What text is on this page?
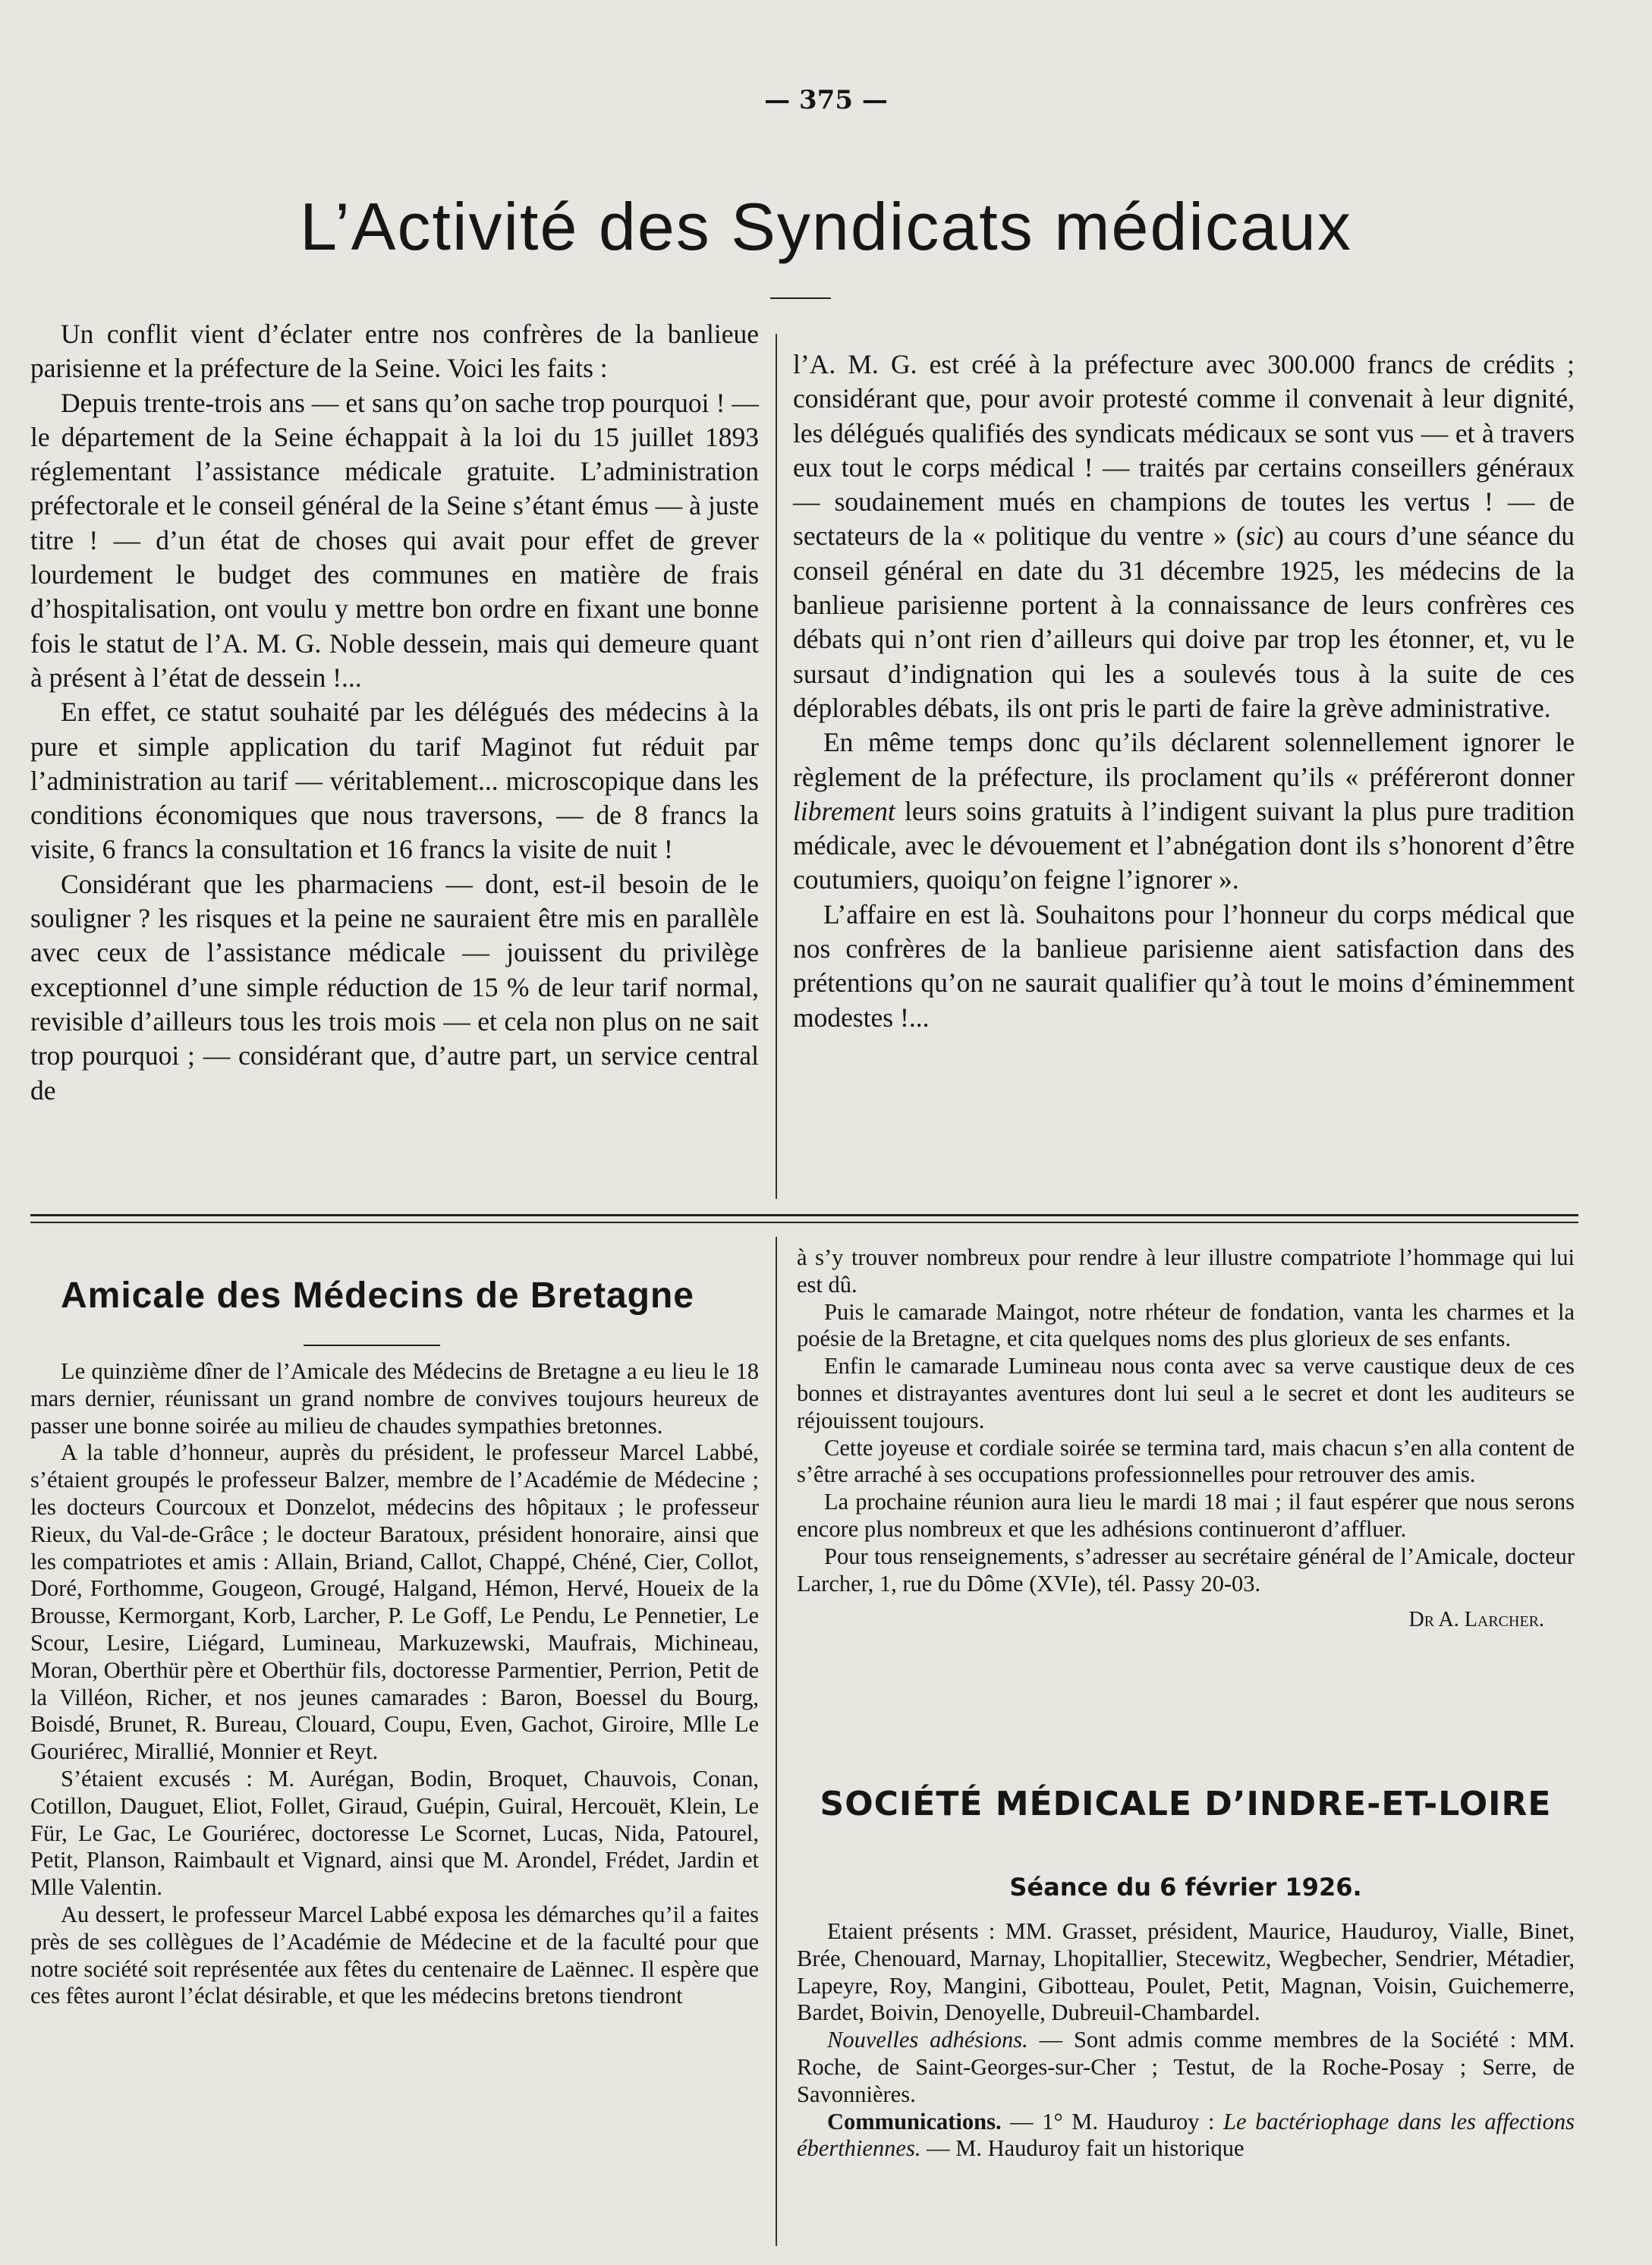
— 375 —
L’Activité des Syndicats médicaux

Un conflit vient d’éclater entre nos confrères de la banlieue parisienne et la préfecture de la Seine. Voici les faits :

Depuis trente-trois ans — et sans qu’on sache trop pourquoi ! — le département de la Seine échappait à la loi du 15 juillet 1893 réglementant l’assistance médicale gratuite. L’administration préfectorale et le conseil général de la Seine s’étant émus — à juste titre ! — d’un état de choses qui avait pour effet de grever lourdement le budget des communes en matière de frais d’hospitalisation, ont voulu y mettre bon ordre en fixant une bonne fois le statut de l’A. M. G. Noble dessein, mais qui demeure quant à présent à l’état de dessein !...

En effet, ce statut souhaité par les délégués des médecins à la pure et simple application du tarif Maginot fut réduit par l’administration au tarif — véritablement... microscopique dans les conditions économiques que nous traversons, — de 8 francs la visite, 6 francs la consultation et 16 francs la visite de nuit !

Considérant que les pharmaciens — dont, est-il besoin de le souligner ? les risques et la peine ne sauraient être mis en parallèle avec ceux de l’assistance médicale — jouissent du privilège exceptionnel d’une simple réduction de 15 % de leur tarif normal, revisible d’ailleurs tous les trois mois — et cela non plus on ne sait trop pourquoi ; — considérant que, d’autre part, un service central de

l’A. M. G. est créé à la préfecture avec 300.000 francs de crédits ; considérant que, pour avoir protesté comme il convenait à leur dignité, les délégués qualifiés des syndicats médicaux se sont vus — et à travers eux tout le corps médical ! — traités par certains conseillers généraux — soudainement mués en champions de toutes les vertus ! — de sectateurs de la « politique du ventre » (sic) au cours d’une séance du conseil général en date du 31 décembre 1925, les médecins de la banlieue parisienne portent à la connaissance de leurs confrères ces débats qui n’ont rien d’ailleurs qui doive par trop les étonner, et, vu le sursaut d’indignation qui les a soulevés tous à la suite de ces déplorables débats, ils ont pris le parti de faire la grève administrative.

En même temps donc qu’ils déclarent solennellement ignorer le règlement de la préfecture, ils proclament qu’ils « préféreront donner librement leurs soins gratuits à l’indigent suivant la plus pure tradition médicale, avec le dévouement et l’abnégation dont ils s’honorent d’être coutumiers, quoiqu’on feigne l’ignorer ».

L’affaire en est là. Souhaitons pour l’honneur du corps médical que nos confrères de la banlieue parisienne aient satisfaction dans des prétentions qu’on ne saurait qualifier qu’à tout le moins d’éminemment modestes !...

Amicale des Médecins de Bretagne

Le quinzième dîner de l’Amicale des Médecins de Bretagne a eu lieu le 18 mars dernier, réunissant un grand nombre de convives toujours heureux de passer une bonne soirée au milieu de chaudes sympathies bretonnes.

A la table d’honneur, auprès du président, le professeur Marcel Labbé, s’étaient groupés le professeur Balzer, membre de l’Académie de Médecine ; les docteurs Courcoux et Donzelot, médecins des hôpitaux ; le professeur Rieux, du Val-de-Grâce ; le docteur Baratoux, président honoraire, ainsi que les compatriotes et amis : Allain, Briand, Callot, Chappé, Chéné, Cier, Collot, Doré, Forthomme, Gougeon, Grougé, Halgand, Hémon, Hervé, Houeix de la Brousse, Kermorgant, Korb, Larcher, P. Le Goff, Le Pendu, Le Pennetier, Le Scour, Lesire, Liégard, Lumineau, Markuzewski, Maufrais, Michineau, Moran, Oberthür père et Oberthür fils, doctoresse Parmentier, Perrion, Petit de la Villéon, Richer, et nos jeunes camarades : Baron, Boessel du Bourg, Boisdé, Brunet, R. Bureau, Clouard, Coupu, Even, Gachot, Giroire, Mlle Le Gouriérec, Mirallié, Monnier et Reyt.

S’étaient excusés : M. Aurégan, Bodin, Broquet, Chauvois, Conan, Cotillon, Dauguet, Eliot, Follet, Giraud, Guépin, Guiral, Hercouët, Klein, Le Für, Le Gac, Le Gouriérec, doctoresse Le Scornet, Lucas, Nida, Patourel, Petit, Planson, Raimbault et Vignard, ainsi que M. Arondel, Frédet, Jardin et Mlle Valentin.

Au dessert, le professeur Marcel Labbé exposa les démarches qu’il a faites près de ses collègues de l’Académie de Médecine et de la faculté pour que notre société soit représentée aux fêtes du centenaire de Laënnec. Il espère que ces fêtes auront l’éclat désirable, et que les médecins bretons tiendront

à s’y trouver nombreux pour rendre à leur illustre compatriote l’hommage qui lui est dû.

Puis le camarade Maingot, notre rhéteur de fondation, vanta les charmes et la poésie de la Bretagne, et cita quelques noms des plus glorieux de ses enfants.

Enfin le camarade Lumineau nous conta avec sa verve caustique deux de ces bonnes et distrayantes aventures dont lui seul a le secret et dont les auditeurs se réjouissent toujours.

Cette joyeuse et cordiale soirée se termina tard, mais chacun s’en alla content de s’être arraché à ses occupations professionnelles pour retrouver des amis.

La prochaine réunion aura lieu le mardi 18 mai ; il faut espérer que nous serons encore plus nombreux et que les adhésions continueront d’affluer.

Pour tous renseignements, s’adresser au secrétaire général de l’Amicale, docteur Larcher, 1, rue du Dôme (XVIe), tél. Passy 20-03.

Dr A. Larcher.

SOCIÉTÉ MÉDICALE D’INDRE-ET-LOIRE
Séance du 6 février 1926.

Etaient présents : MM. Grasset, président, Maurice, Hauduroy, Vialle, Binet, Brée, Chenouard, Marnay, Lhopitallier, Stecewitz, Wegbecher, Sendrier, Métadier, Lapeyre, Roy, Mangini, Gibotteau, Poulet, Petit, Magnan, Voisin, Guichemerre, Bardet, Boivin, Denoyelle, Dubreuil-Chambardel.

Nouvelles adhésions. — Sont admis comme membres de la Société : MM. Roche, de Saint-Georges-sur-Cher ; Testut, de la Roche-Posay ; Serre, de Savonnières.

Communications. — 1° M. Hauduroy : Le bactériophage dans les affections éberthiennes. — M. Hauduroy fait un historique
